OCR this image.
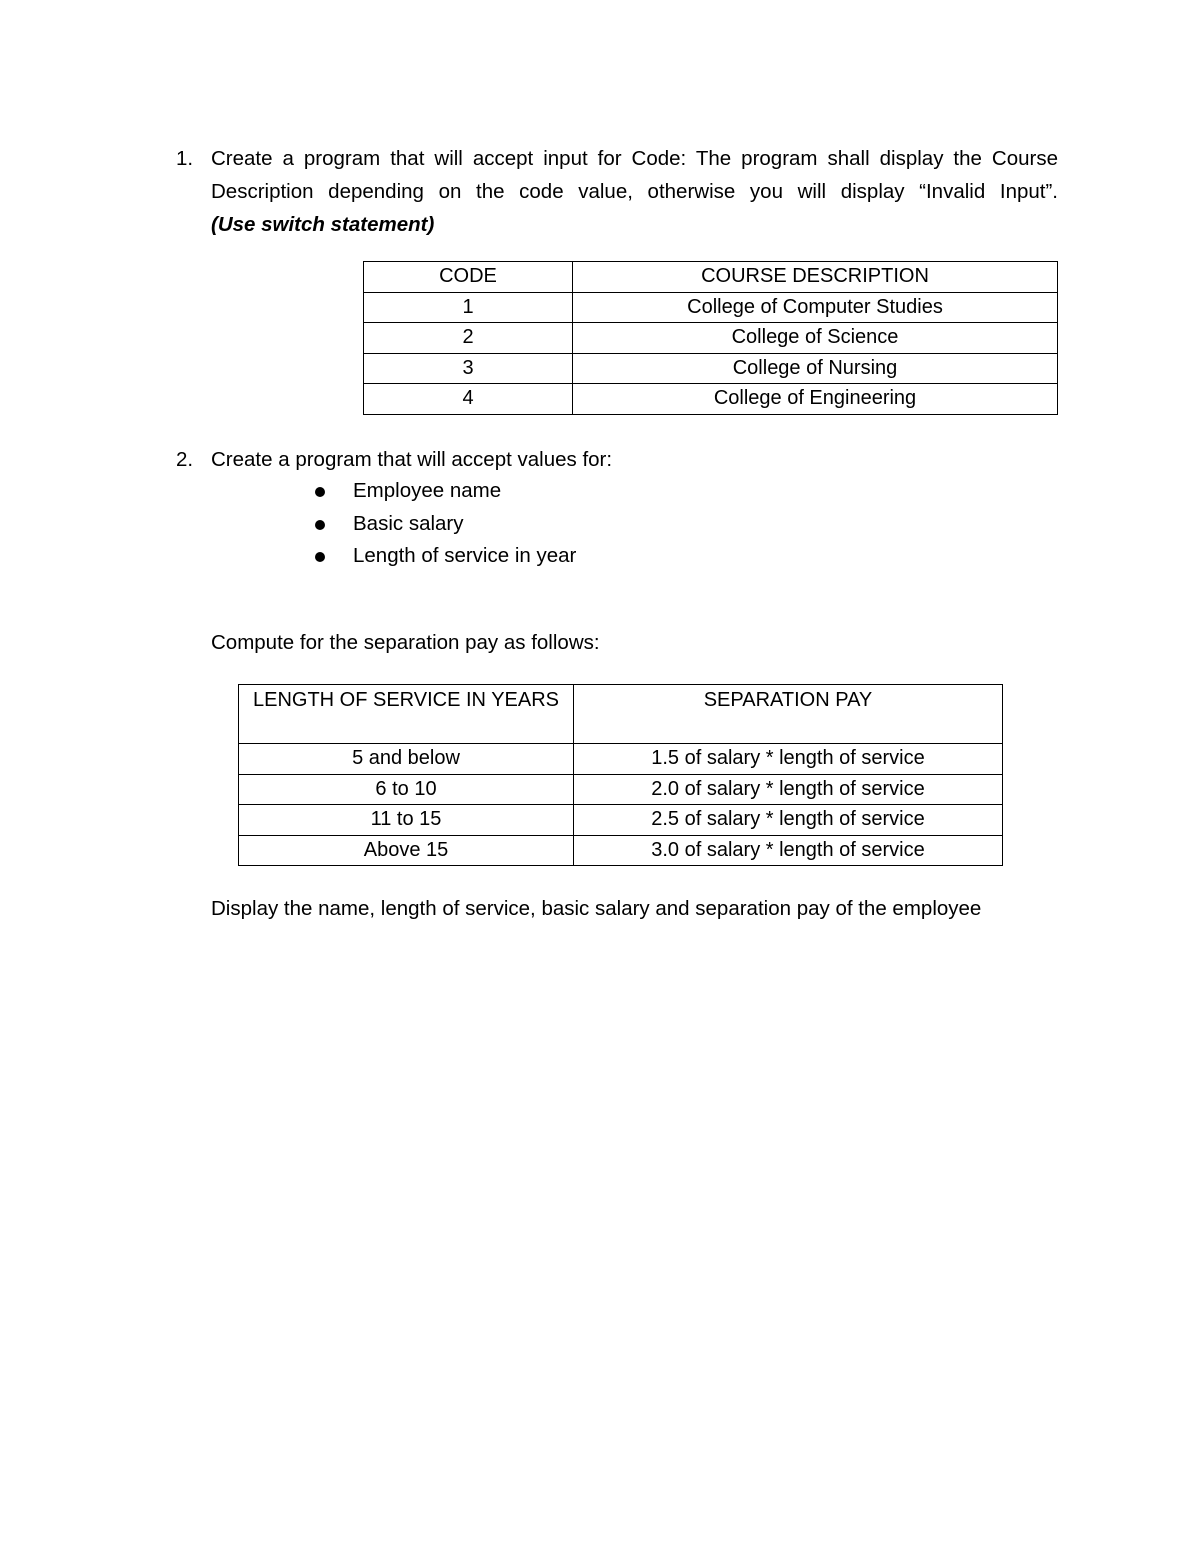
1. Create a program that will accept input for Code: The program shall display the Course
Description depending on the code value, otherwise you will display “Invalid Input”.
(Use switch statement)
CODE	COURSE DESCRIPTION
1	College of Computer Studies
2	College of Science
3	College of Nursing
4	College of Engineering
2. Create a program that will accept values for:
Employee name
Basic salary
Length of service in year
Compute for the separation pay as follows:
LENGTH OF SERVICE IN YEARS	SEPARATION PAY
5 and below	1.5 of salary * length of service
6 to 10	2.0 of salary * length of service
11 to 15	2.5 of salary * length of service
Above 15	3.0 of salary * length of service
Display the name, length of service, basic salary and separation pay of the employee
